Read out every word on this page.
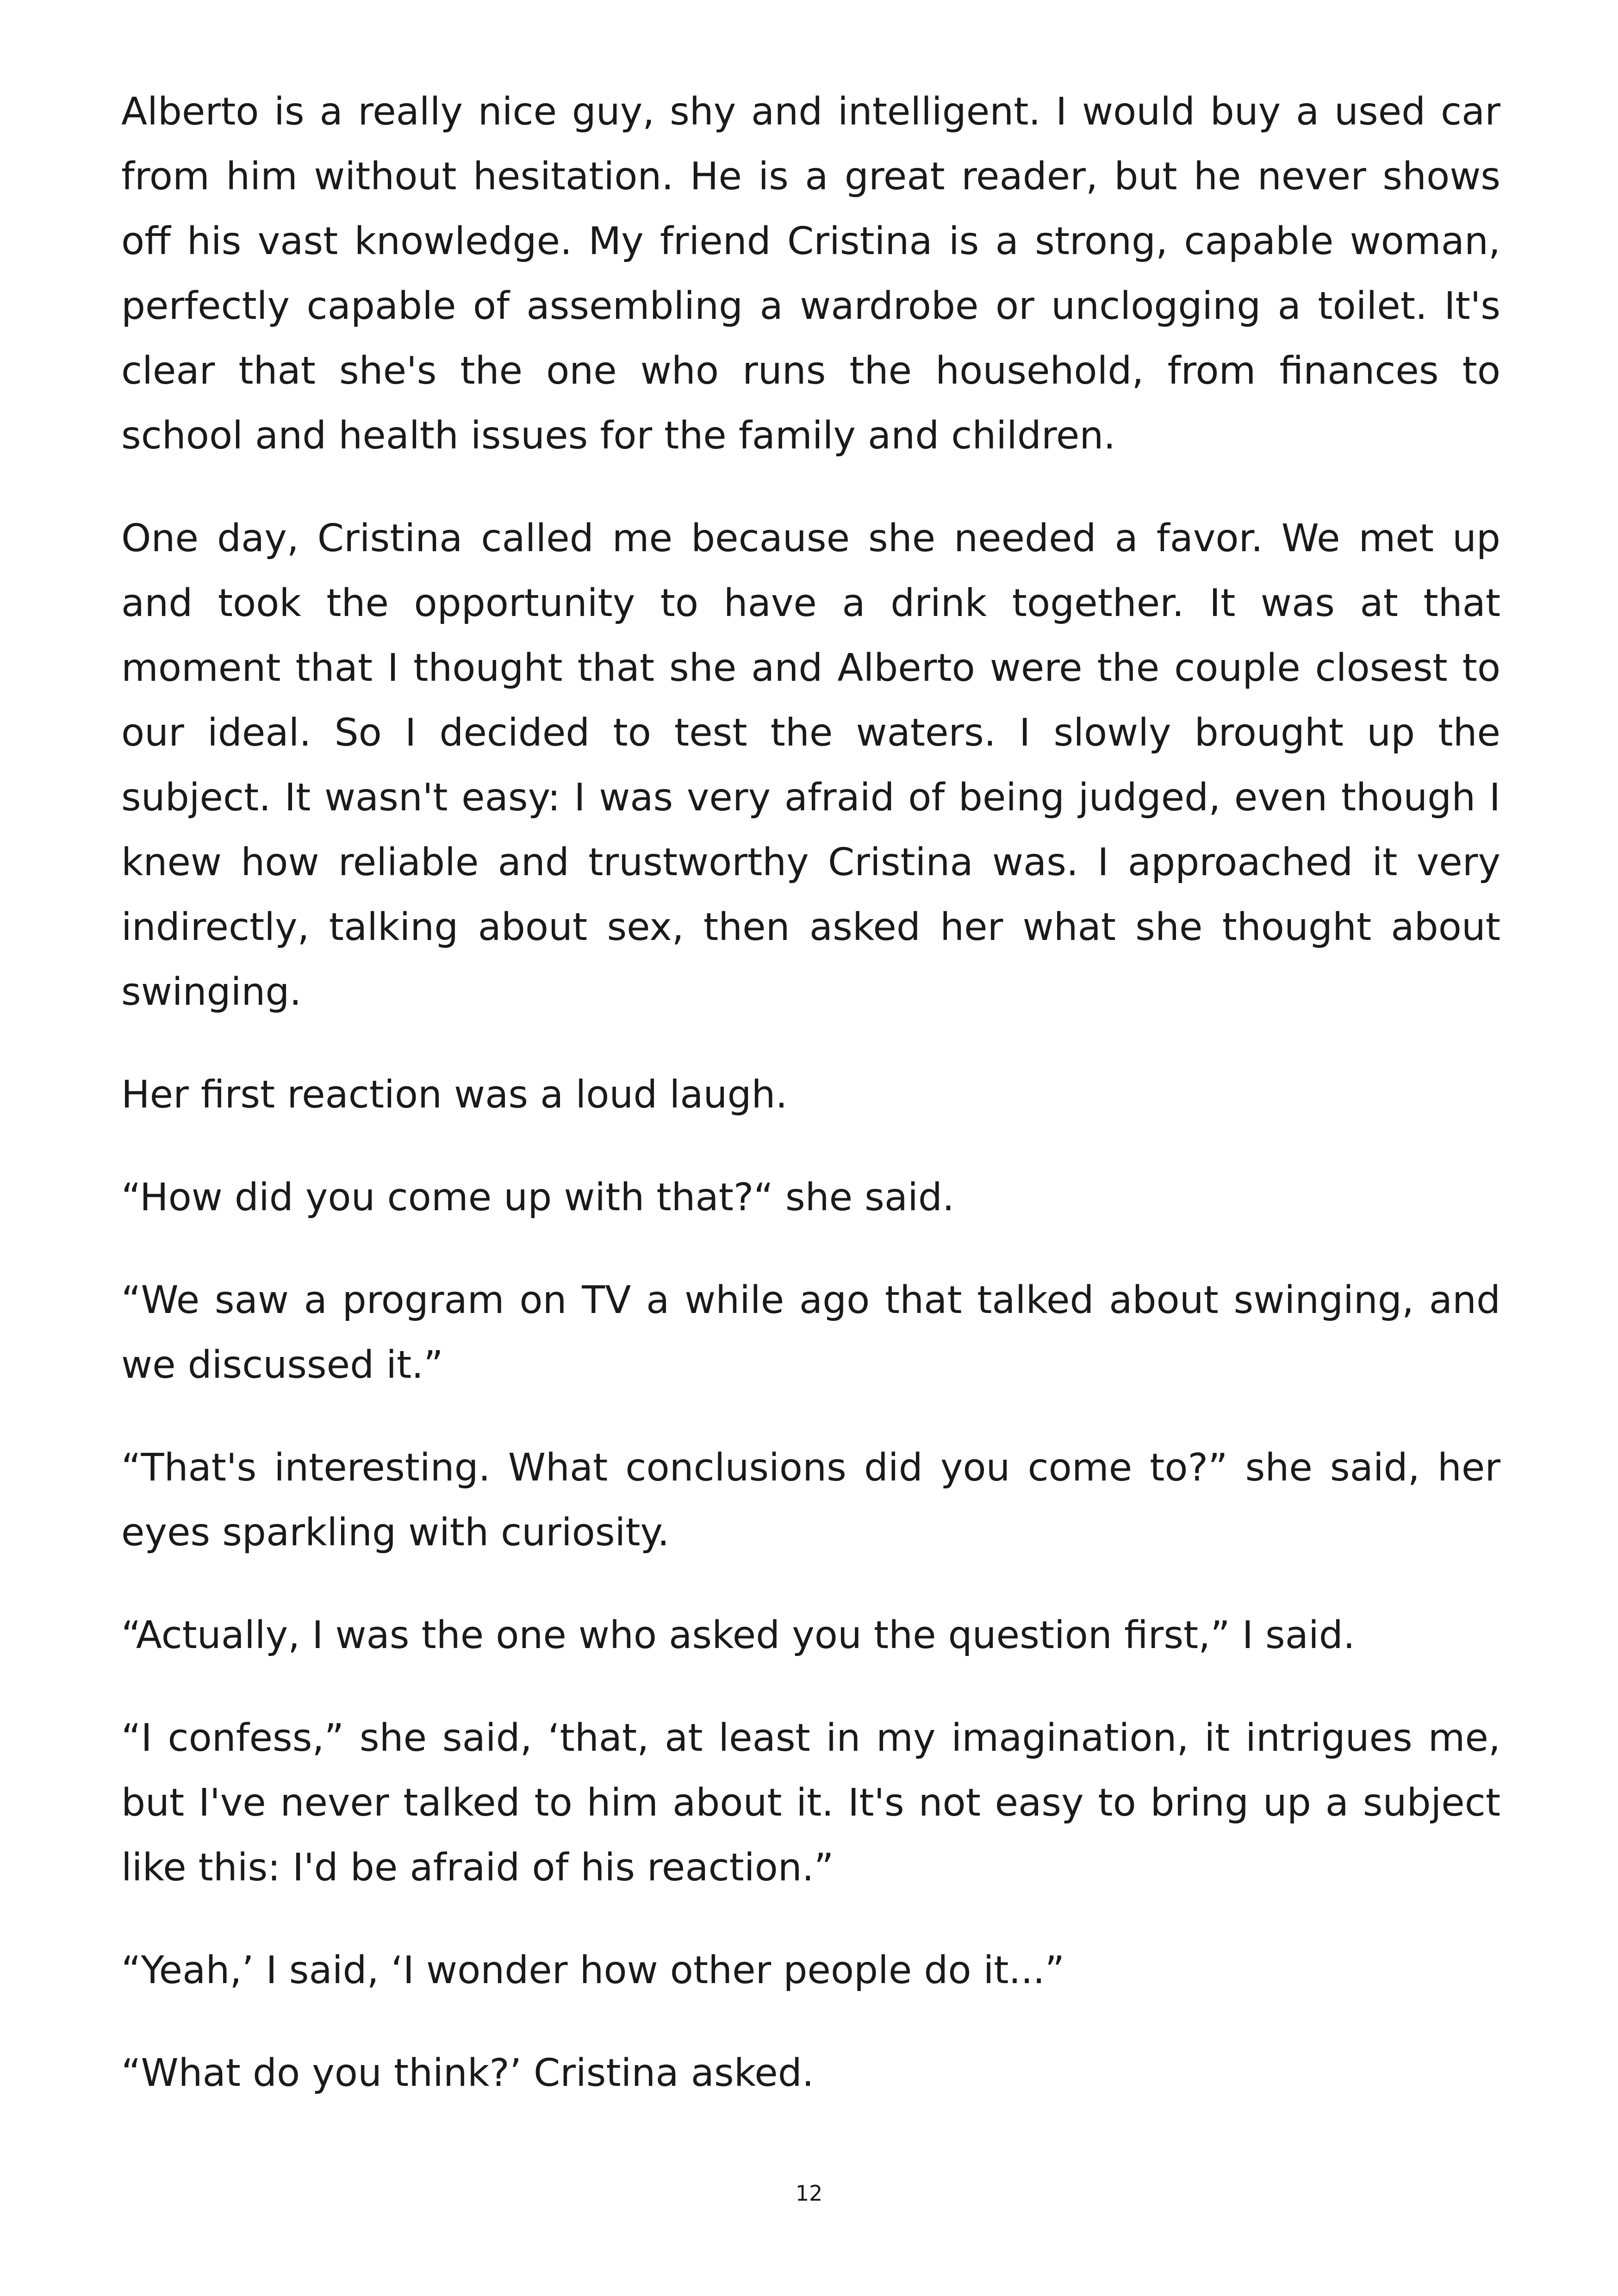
Alberto is a really nice guy, shy and intelligent. I would buy a used car from him without hesitation. He is a great reader, but he never shows off his vast knowledge. My friend Cristina is a strong, capable woman, perfectly capable of assembling a wardrobe or unclogging a toilet. It's clear that she's the one who runs the household, from finances to school and health issues for the family and children.

One day, Cristina called me because she needed a favor. We met up and took the opportunity to have a drink together. It was at that moment that I thought that she and Alberto were the couple closest to our ideal. So I decided to test the waters. I slowly brought up the subject. It wasn't easy: I was very afraid of being judged, even though I knew how reliable and trustworthy Cristina was. I approached it very indirectly, talking about sex, then asked her what she thought about swinging.

Her first reaction was a loud laugh.

“How did you come up with that?“ she said.

“We saw a program on TV a while ago that talked about swinging, and we discussed it.”

“That's interesting. What conclusions did you come to?” she said, her eyes sparkling with curiosity.

“Actually, I was the one who asked you the question first,” I said.

“I confess,” she said, ‘that, at least in my imagination, it intrigues me, but I've never talked to him about it. It's not easy to bring up a subject like this: I'd be afraid of his reaction.”

“Yeah,’ I said, ‘I wonder how other people do it...”

“What do you think?’ Cristina asked.

12
